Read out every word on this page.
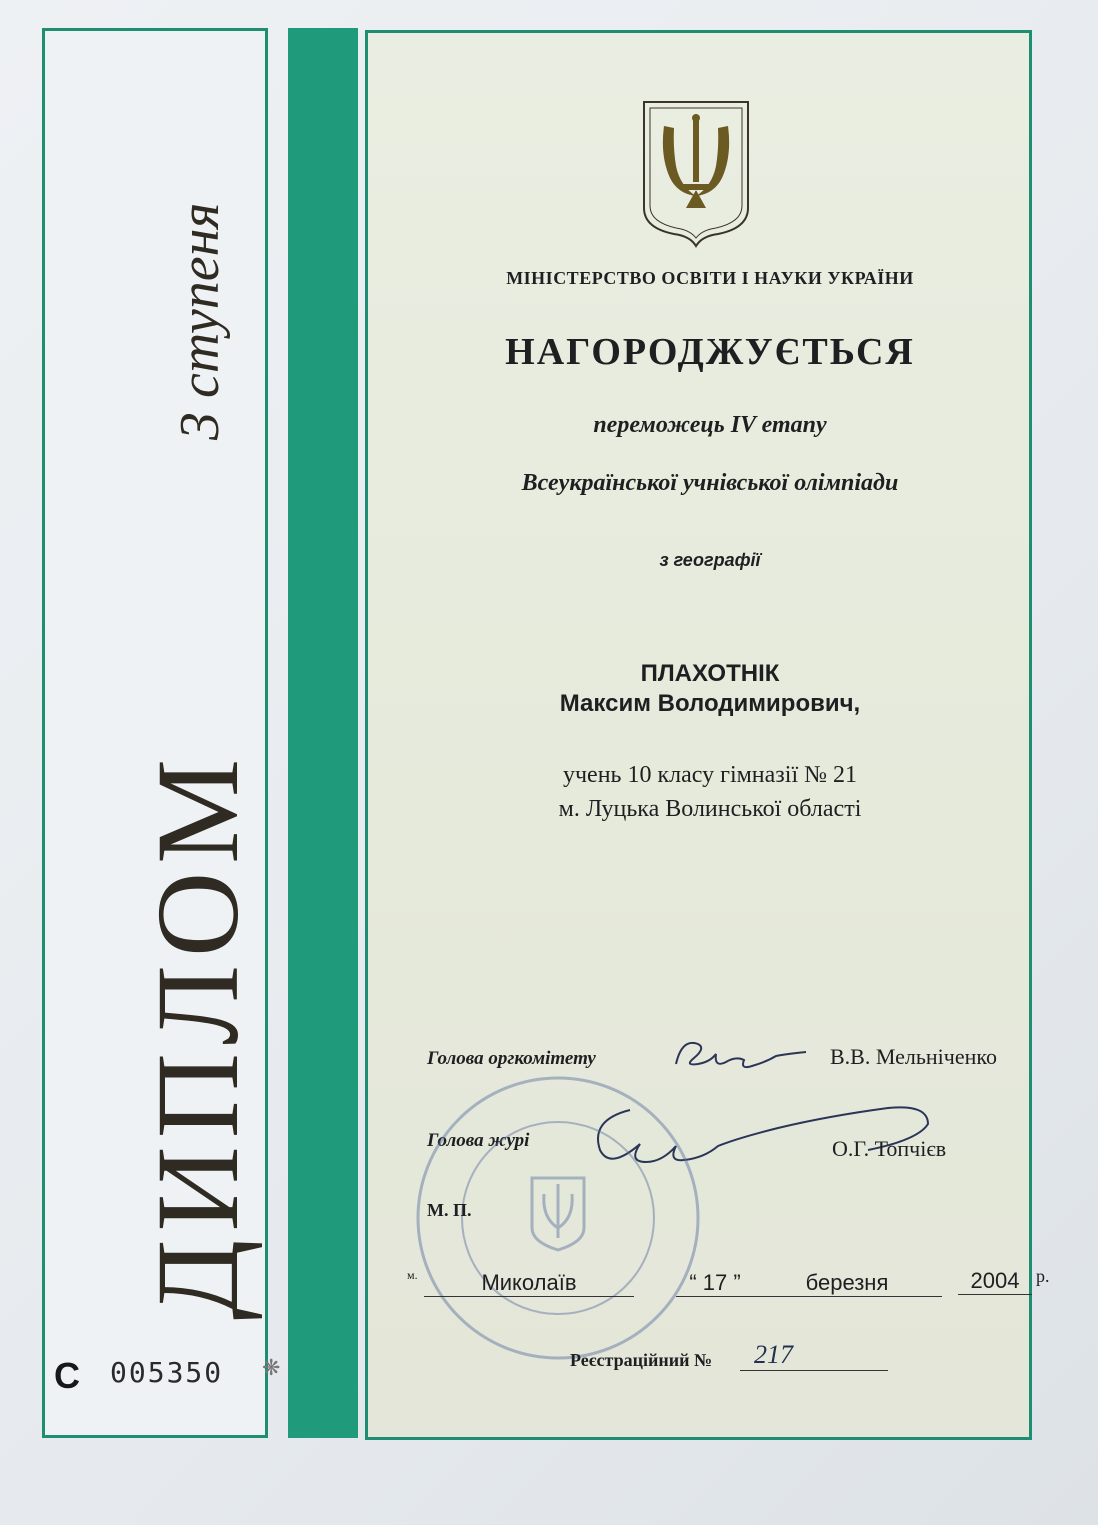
ДИПЛОМ
3 ступеня
С 005350 ❋
МІНІСТЕРСТВО ОСВІТИ І НАУКИ УКРАЇНИ
НАГОРОДЖУЄТЬСЯ
переможець IV етапу
Всеукраїнської учнівської олімпіади
з географії
ПЛАХОТНІК
Максим Володимирович,
учень 10 класу гімназії № 21
м. Луцька Волинської області
Голова оргкомітету	В.В. Мельніченко
Голова журі	О.Г. Топчієв
М. П.
м.	Миколаїв	“ 17 ”	березня	2004 р.
Реєстраційний №	217
